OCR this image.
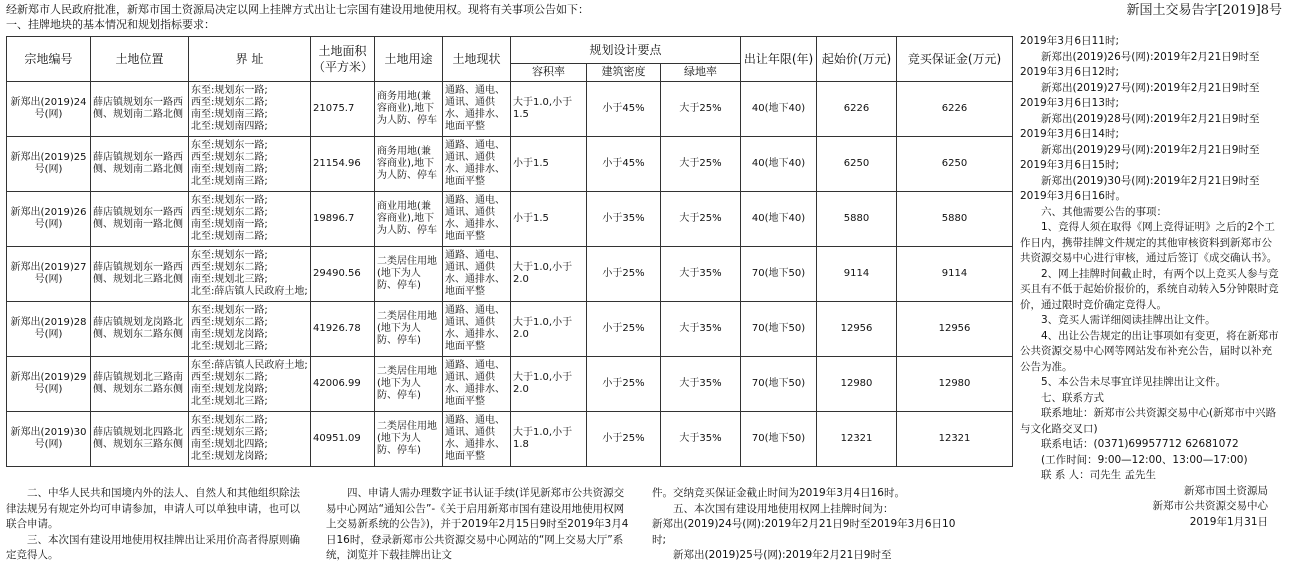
经新郑市人民政府批准，新郑市国土资源局决定以网上挂牌方式出让七宗国有建设用地使用权。现将有关事项公告如下：
一、挂牌地块的基本情况和规划指标要求：
新国土交易告字[2019]8号
宗地编号	土地位置	界 址	土地面积（平方米）	土地用途	土地现状	规划设计要点			出让年限(年)	起始价(万元)	竞买保证金(万元)
						容积率	建筑密度	绿地率			
新郑出(2019)24号(网)	薛店镇规划东一路西侧、规划南二路北侧	东至:规划东一路;
西至:规划东二路;
南至:规划南三路;
北至:规划南四路;	21075.7	商务用地(兼容商业),地下为人防、停车	通路、通电、通讯、通供水、通排水、地面平整	大于1.0,小于1.5	小于45%	大于25%	40(地下40)	6226	6226
新郑出(2019)25号(网)	薛店镇规划东一路西侧、规划南二路北侧	东至:规划东一路;
西至:规划东二路;
南至:规划南二路;
北至:规划南三路;	21154.96	商务用地(兼容商业),地下为人防、停车	通路、通电、通讯、通供水、通排水、地面平整	小于1.5	小于45%	大于25%	40(地下40)	6250	6250
新郑出(2019)26号(网)	薛店镇规划东一路西侧、规划南一路北侧	东至:规划东一路;
西至:规划东二路;
南至:规划南一路;
北至:规划南二路;	19896.7	商业用地(兼容商业),地下为人防、停车	通路、通电、通讯、通供水、通排水、地面平整	小于1.5	小于35%	大于25%	40(地下40)	5880	5880
新郑出(2019)27号(网)	薛店镇规划东一路西侧、规划北三路北侧	东至:规划东一路;
西至:规划东二路;
南至:规划北三路;
北至:薛店镇人民政府土地;	29490.56	二类居住用地(地下为人防、停车)	通路、通电、通讯、通供水、通排水、地面平整	大于1.0,小于2.0	小于25%	大于35%	70(地下50)	9114	9114
新郑出(2019)28号(网)	薛店镇规划龙岗路北侧、规划东二路东侧	东至:规划东一路;
西至:规划东二路;
南至:规划龙岗路;
北至:规划北三路;	41926.78	二类居住用地(地下为人防、停车)	通路、通电、通讯、通供水、通排水、地面平整	大于1.0,小于2.0	小于25%	大于35%	70(地下50)	12956	12956
新郑出(2019)29号(网)	薛店镇规划北三路南侧、规划东二路东侧	东至:薛店镇人民政府土地;
西至:规划东二路;
南至:规划龙岗路;
北至:规划北三路;	42006.99	二类居住用地(地下为人防、停车)	通路、通电、通讯、通供水、通排水、地面平整	大于1.0,小于2.0	小于25%	大于35%	70(地下50)	12980	12980
新郑出(2019)30号(网)	薛店镇规划北四路北侧、规划东三路东侧	东至:规划东二路;
西至:规划东三路;
南至:规划北四路;
北至:规划龙岗路;	40951.09	二类居住用地(地下为人防、停车)	通路、通电、通讯、通供水、通排水、地面平整	大于1.0,小于1.8	小于25%	大于35%	70(地下50)	12321	12321

2019年3月6日11时;

新郑出(2019)26号(网):2019年2月21日9时至2019年3月6日12时;

新郑出(2019)27号(网):2019年2月21日9时至2019年3月6日13时;

新郑出(2019)28号(网):2019年2月21日9时至2019年3月6日14时;

新郑出(2019)29号(网):2019年2月21日9时至2019年3月6日15时;

新郑出(2019)30号(网):2019年2月21日9时至2019年3月6日16时。

六、其他需要公告的事项：

1、竞得人须在取得《网上竞得证明》之后的2个工作日内，携带挂牌文件规定的其他审核资料到新郑市公共资源交易中心进行审核，通过后签订《成交确认书》。

2、网上挂牌时间截止时，有两个以上竞买人参与竞买且有不低于起始价报价的，系统自动转入5分钟限时竞价，通过限时竞价确定竞得人。

3、竞买人需详细阅读挂牌出让文件。

4、出让公告规定的出让事项如有变更，将在新郑市公共资源交易中心网等网站发布补充公告，届时以补充公告为准。

5、本公告未尽事宜详见挂牌出让文件。

七、联系方式

联系地址：新郑市公共资源交易中心(新郑市中兴路与文化路交叉口)

联系电话：(0371)69957712 62681072

(工作时间：9:00—12:00、13:00—17:00)

联 系 人：司先生 孟先生

新郑市国土资源局

新郑市公共资源交易中心

2019年1月31日

二、中华人民共和国境内外的法人、自然人和其他组织除法律法规另有规定外均可申请参加，申请人可以单独申请，也可以联合申请。

三、本次国有建设用地使用权挂牌出让采用价高者得原则确定竞得人。

四、申请人需办理数字证书认证手续(详见新郑市公共资源交易中心网站“通知公告”-《关于启用新郑市国有建设用地使用权网上交易新系统的公告》)，并于2019年2月15日9时至2019年3月4日16时，登录新郑市公共资源交易中心网站的“网上交易大厅”系统，浏览并下载挂牌出让文

件。交纳竞买保证金截止时间为2019年3月4日16时。

五、本次国有建设用地使用权网上挂牌时间为：

新郑出(2019)24号(网):2019年2月21日9时至2019年3月6日10时;

新郑出(2019)25号(网):2019年2月21日9时至
